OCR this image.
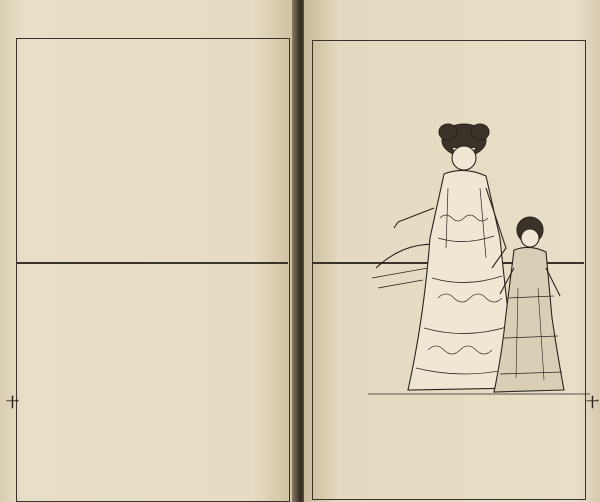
十	十
